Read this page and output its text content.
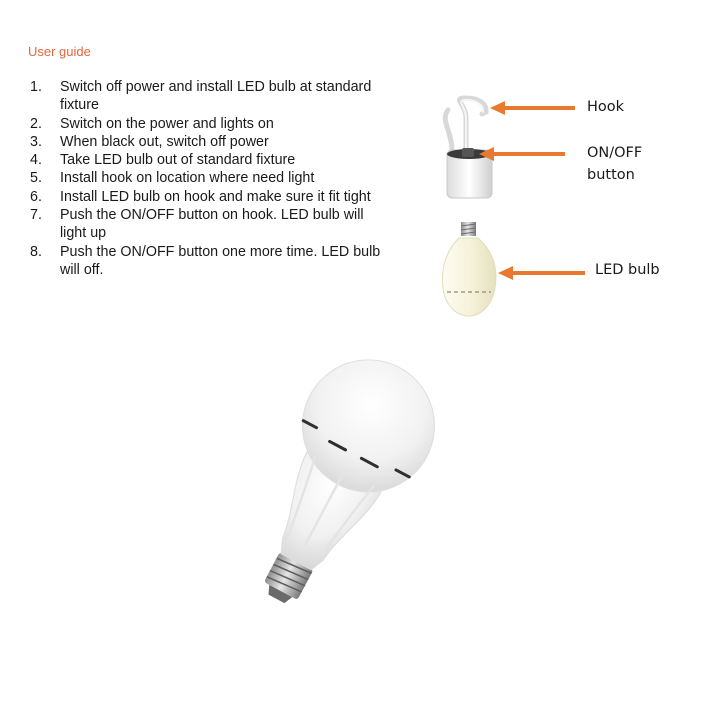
User guide
1.	Switch off power and install LED bulb at standard fixture
2.	Switch on the power and lights on
3.	When black out, switch off power
4.	Take LED bulb out of standard fixture
5.	Install hook on location where need light
6.	Install LED bulb on hook and make sure it fit tight
7.	Push the ON/OFF button on hook. LED bulb will light up
8.	Push the ON/OFF button one more time. LED bulb will off.
Hook
ON/OFF
button
LED bulb
